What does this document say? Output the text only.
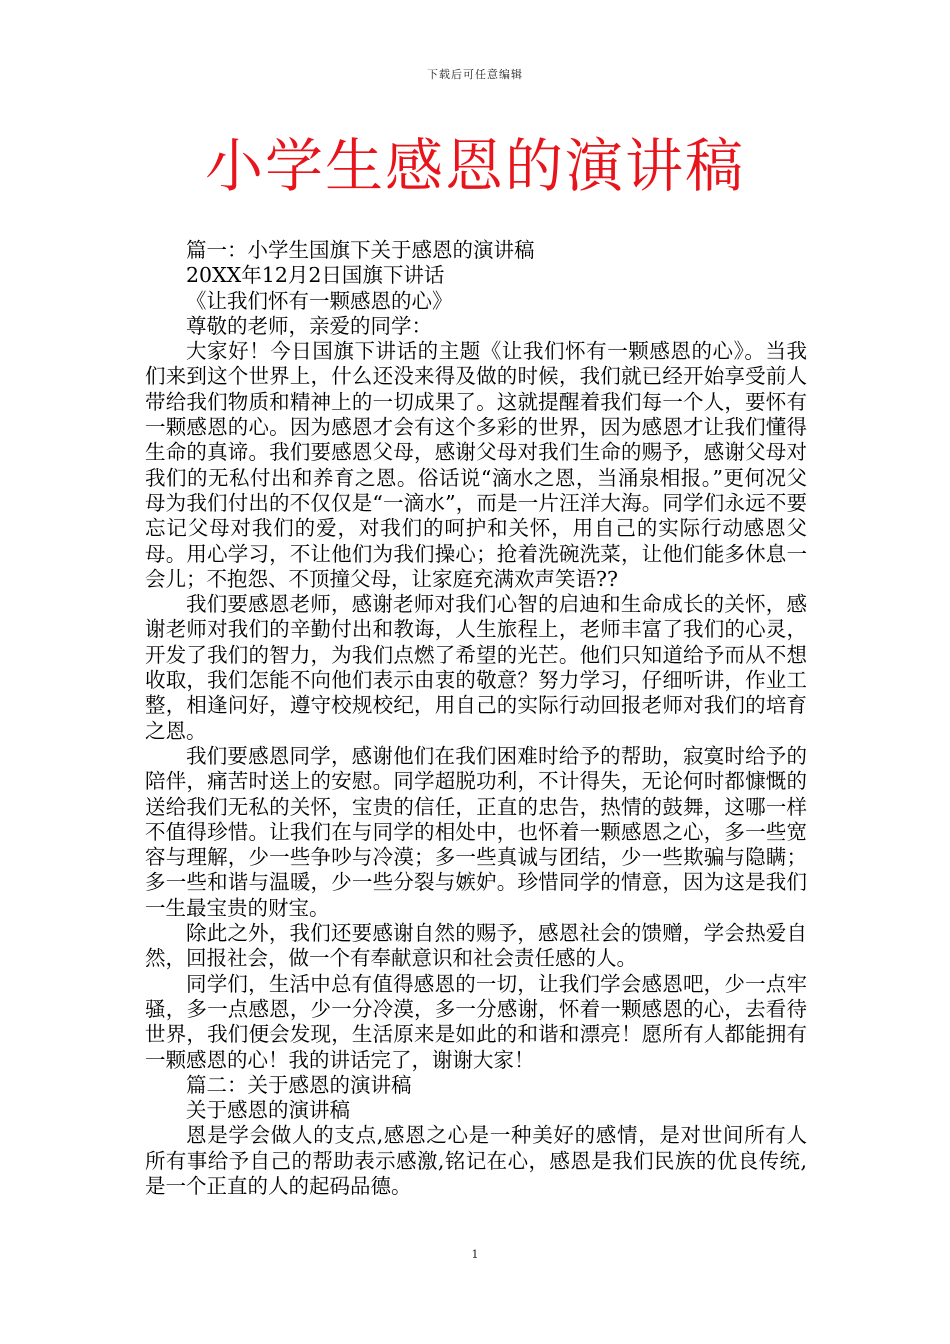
下载后可任意编辑
小学生感恩的演讲稿

篇一：小学生国旗下关于感恩的演讲稿

20XX年12月2日国旗下讲话

《让我们怀有一颗感恩的心》

尊敬的老师，亲爱的同学：

大家好！今日国旗下讲话的主题《让我们怀有一颗感恩的心》。当我们来到这个世界上，什么还没来得及做的时候，我们就已经开始享受前人带给我们物质和精神上的一切成果了。这就提醒着我们每一个人，要怀有一颗感恩的心。因为感恩才会有这个多彩的世界，因为感恩才让我们懂得生命的真谛。我们要感恩父母，感谢父母对我们生命的赐予，感谢父母对我们的无私付出和养育之恩。俗话说“滴水之恩，当涌泉相报。”更何况父母为我们付出的不仅仅是“一滴水”，而是一片汪洋大海。同学们永远不要忘记父母对我们的爱，对我们的呵护和关怀，用自己的实际行动感恩父母。用心学习，不让他们为我们操心；抢着洗碗洗菜，让他们能多休息一会儿；不抱怨、不顶撞父母，让家庭充满欢声笑语??

我们要感恩老师，感谢老师对我们心智的启迪和生命成长的关怀，感谢老师对我们的辛勤付出和教诲，人生旅程上，老师丰富了我们的心灵，开发了我们的智力，为我们点燃了希望的光芒。他们只知道给予而从不想收取，我们怎能不向他们表示由衷的敬意？努力学习，仔细听讲，作业工整，相逢问好，遵守校规校纪，用自己的实际行动回报老师对我们的培育之恩。

我们要感恩同学，感谢他们在我们困难时给予的帮助，寂寞时给予的陪伴，痛苦时送上的安慰。同学超脱功利，不计得失，无论何时都慷慨的送给我们无私的关怀，宝贵的信任，正直的忠告，热情的鼓舞，这哪一样不值得珍惜。让我们在与同学的相处中，也怀着一颗感恩之心，多一些宽容与理解，少一些争吵与冷漠；多一些真诚与团结，少一些欺骗与隐瞒；多一些和谐与温暖，少一些分裂与嫉妒。珍惜同学的情意，因为这是我们一生最宝贵的财宝。

除此之外，我们还要感谢自然的赐予，感恩社会的馈赠，学会热爱自然，回报社会，做一个有奉献意识和社会责任感的人。

同学们，生活中总有值得感恩的一切，让我们学会感恩吧，少一点牢骚，多一点感恩，少一分冷漠，多一分感谢，怀着一颗感恩的心，去看待世界，我们便会发现，生活原来是如此的和谐和漂亮！愿所有人都能拥有一颗感恩的心！我的讲话完了，谢谢大家！

篇二：关于感恩的演讲稿

关于感恩的演讲稿

恩是学会做人的支点,感恩之心是一种美好的感情，是对世间所有人所有事给予自己的帮助表示感激,铭记在心，感恩是我们民族的优良传统,是一个正直的人的起码品德。

1
